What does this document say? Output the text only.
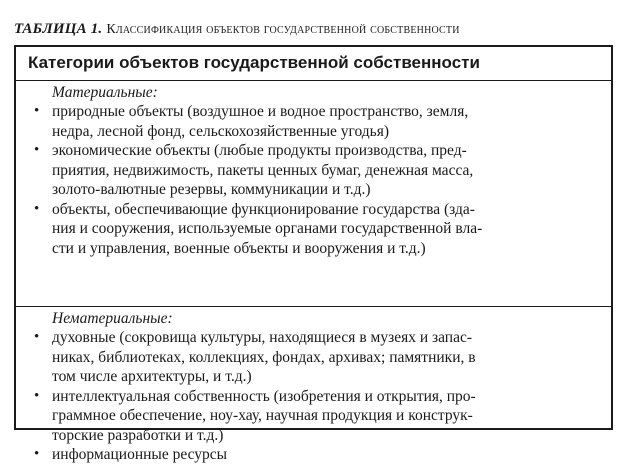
ТАБЛИЦА 1. Классификация объектов государственной собственности
Категории объектов государственной собственности
Материальные:
• природные объекты (воздушное и водное пространство, земля,
недра, лесной фонд, сельскохозяйственные угодья)
• экономические объекты (любые продукты производства, пред-
приятия, недвижимость, пакеты ценных бумаг, денежная масса,
золото-валютные резервы, коммуникации и т.д.)
• объекты, обеспечивающие функционирование государства (зда-
ния и сооружения, используемые органами государственной вла-
сти и управления, военные объекты и вооружения и т.д.)
Нематериальные:
• духовные (сокровища культуры, находящиеся в музеях и запас-
никах, библиотеках, коллекциях, фондах, архивах; памятники, в
том числе архитектуры, и т.д.)
• интеллектуальная собственность (изобретения и открытия, про-
граммное обеспечение, ноу-хау, научная продукция и конструк-
торские разработки и т.д.)
• информационные ресурсы
